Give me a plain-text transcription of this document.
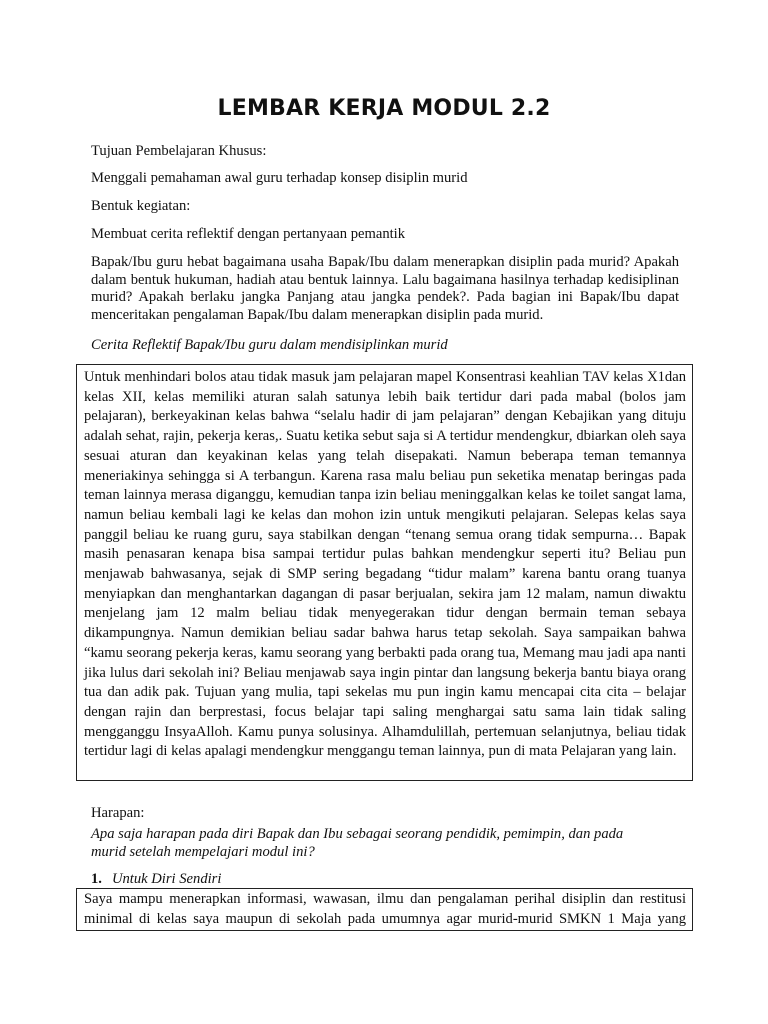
LEMBAR KERJA MODUL 2.2

Tujuan Pembelajaran Khusus:

Menggali pemahaman awal guru terhadap konsep disiplin murid

Bentuk kegiatan:

Membuat cerita reflektif dengan pertanyaan pemantik

Bapak/Ibu guru hebat bagaimana usaha Bapak/Ibu dalam menerapkan disiplin pada murid? Apakah dalam bentuk hukuman, hadiah atau bentuk lainnya. Lalu bagaimana hasilnya terhadap kedisiplinan murid? Apakah berlaku jangka Panjang atau jangka pendek?. Pada bagian ini Bapak/Ibu dapat menceritakan pengalaman Bapak/Ibu dalam menerapkan disiplin pada murid.

Cerita Reflektif Bapak/Ibu guru dalam mendisiplinkan murid

Untuk menhindari bolos atau tidak masuk jam pelajaran mapel Konsentrasi keahlian TAV kelas X1dan kelas XII, kelas memiliki aturan salah satunya lebih baik tertidur dari pada mabal (bolos jam pelajaran), berkeyakinan kelas bahwa “selalu hadir di jam pelajaran” dengan Kebajikan yang dituju adalah sehat, rajin, pekerja keras,. Suatu ketika sebut saja si A tertidur mendengkur, dbiarkan oleh saya sesuai aturan dan keyakinan kelas yang telah disepakati. Namun beberapa teman temannya meneriakinya sehingga si A terbangun. Karena rasa malu beliau pun seketika menatap beringas pada teman lainnya merasa diganggu, kemudian tanpa izin beliau meninggalkan kelas ke toilet sangat lama, namun beliau kembali lagi ke kelas dan mohon izin untuk mengikuti pelajaran. Selepas kelas saya panggil beliau ke ruang guru, saya stabilkan dengan “tenang semua orang tidak sempurna… Bapak masih penasaran kenapa bisa sampai tertidur pulas bahkan mendengkur seperti itu? Beliau pun menjawab bahwasanya, sejak di SMP sering begadang “tidur malam” karena bantu orang tuanya menyiapkan dan menghantarkan dagangan di pasar berjualan, sekira jam 12 malam, namun diwaktu menjelang jam 12 malm beliau tidak menyegerakan tidur dengan bermain teman sebaya dikampungnya. Namun demikian beliau sadar bahwa harus tetap sekolah. Saya sampaikan bahwa “kamu seorang pekerja keras, kamu seorang yang berbakti pada orang tua, Memang mau jadi apa nanti jika lulus dari sekolah ini? Beliau menjawab saya ingin pintar dan langsung bekerja bantu biaya orang tua dan adik pak. Tujuan yang mulia, tapi sekelas mu pun ingin kamu mencapai cita cita – belajar dengan rajin dan berprestasi, focus belajar tapi saling menghargai satu sama lain tidak saling mengganggu InsyaAlloh. Kamu punya solusinya. Alhamdulillah, pertemuan selanjutnya, beliau tidak tertidur lagi di kelas apalagi mendengkur menggangu teman lainnya, pun di mata Pelajaran yang lain.

Harapan:

Apa saja harapan pada diri Bapak dan Ibu sebagai seorang pendidik, pemimpin, dan pada murid setelah mempelajari modul ini?

1. Untuk Diri Sendiri

Saya mampu menerapkan informasi, wawasan, ilmu dan pengalaman perihal disiplin dan restitusi minimal di kelas saya maupun di sekolah pada umumnya agar murid-murid SMKN 1 Maja yang
